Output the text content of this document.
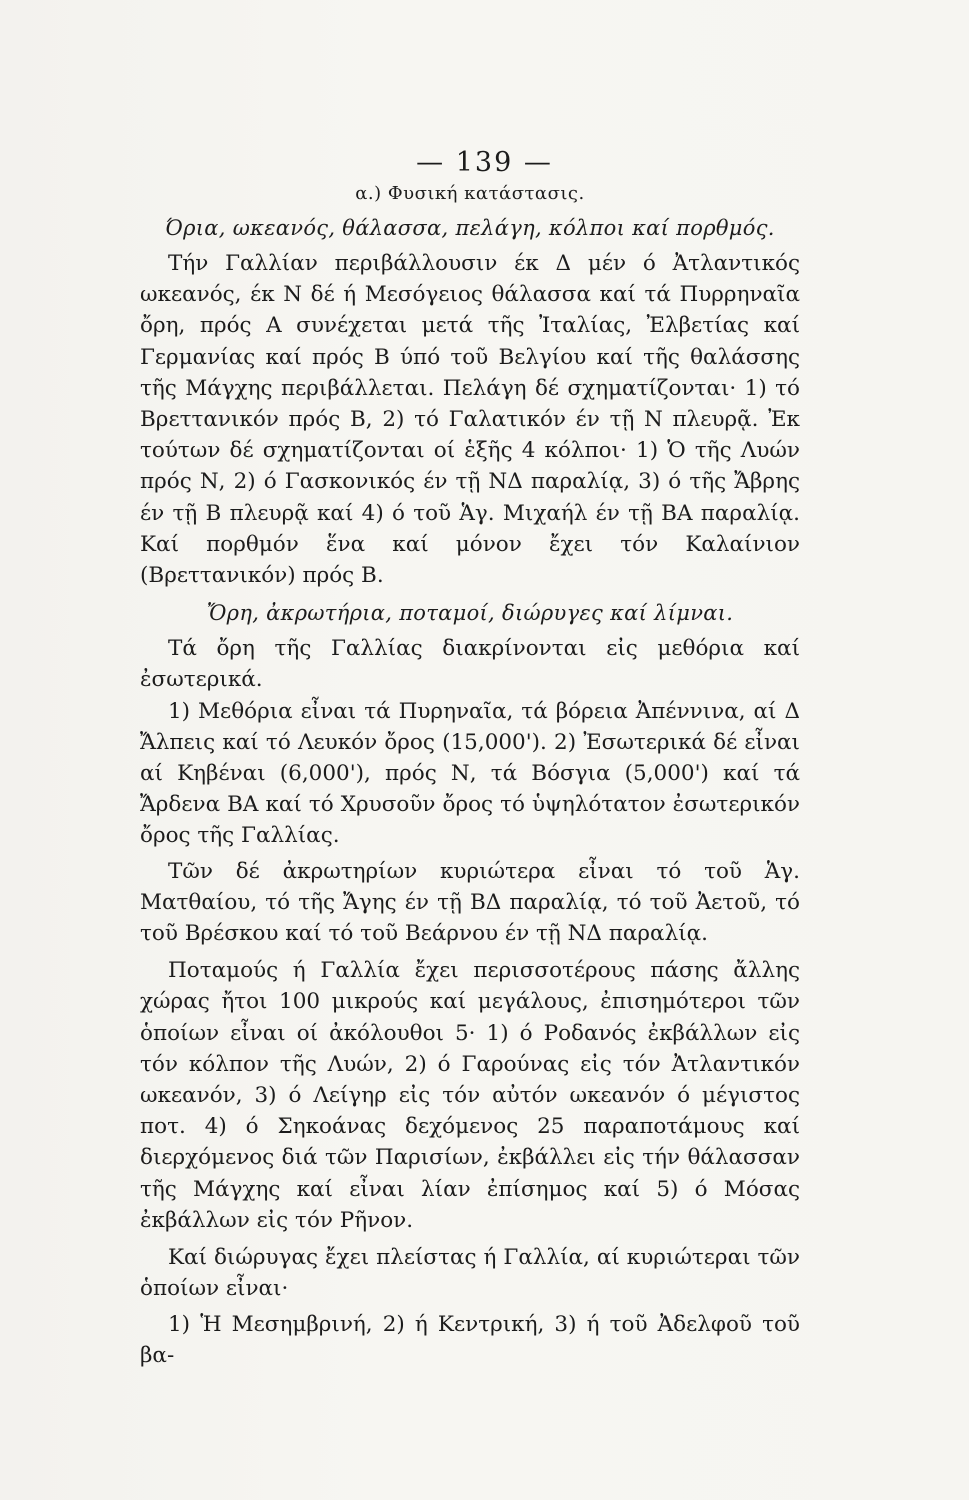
— 139 —
α.) Φυσική κατάστασις.
Όρια, ωκεανός, θάλασσα, πελάγη, κόλποι καί πορθμός.

Τήν Γαλλίαν περιβάλλουσιν έκ Δ μέν ό Ἀτλαντικός ωκεανός, έκ Ν δέ ή Μεσόγειος θάλασσα καί τά Πυρρηναῖα ὄρη, πρός Α συνέχεται μετά τῆς Ἰταλίας, Ἐλβετίας καί Γερμανίας καί πρός Β ύπό τοῦ Βελγίου καί τῆς θαλάσσης τῆς Μάγχης περιβάλλεται. Πελάγη δέ σχηματίζονται· 1) τό Βρεττανικόν πρός Β, 2) τό Γαλατικόν έν τῇ Ν πλευρᾷ. Ἐκ τούτων δέ σχηματίζονται οί ἑξῆς 4 κόλποι· 1) Ὁ τῆς Λυών πρός Ν, 2) ό Γασκονικός έν τῇ ΝΔ παραλίᾳ, 3) ό τῆς Ἄβρης έν τῇ Β πλευρᾷ καί 4) ό τοῦ Ἁγ. Μιχαήλ έν τῇ ΒΑ παραλίᾳ. Καί πορθμόν ἕνα καί μόνον ἔχει τόν Καλαίνιον (Βρεττανικόν) πρός Β.

Ὄρη, ἀκρωτήρια, ποταμοί, διώρυγες καί λίμναι.

Τά ὄρη τῆς Γαλλίας διακρίνονται εἰς μεθόρια καί ἐσωτερικά.

1) Μεθόρια εἶναι τά Πυρηναῖα, τά βόρεια Ἀπέννινα, αί Δ Ἄλπεις καί τό Λευκόν ὄρος (15,000'). 2) Ἐσωτερικά δέ εἶναι αί Κηβέναι (6,000'), πρός Ν, τά Βόσγια (5,000') καί τά Ἄρδενα ΒΑ καί τό Χρυσοῦν ὄρος τό ὑψηλότατον ἐσωτερικόν ὄρος τῆς Γαλλίας.

Τῶν δέ ἀκρωτηρίων κυριώτερα εἶναι τό τοῦ Ἁγ. Ματθαίου, τό τῆς Ἄγης έν τῇ ΒΔ παραλίᾳ, τό τοῦ Ἀετοῦ, τό τοῦ Βρέσκου καί τό τοῦ Βεάρνου έν τῇ ΝΔ παραλίᾳ.

Ποταμούς ή Γαλλία ἔχει περισσοτέρους πάσης ἄλλης χώρας ἤτοι 100 μικρούς καί μεγάλους, ἐπισημότεροι τῶν ὁποίων εἶναι οί ἀκόλουθοι 5· 1) ό Ροδανός ἐκβάλλων εἰς τόν κόλπον τῆς Λυών, 2) ό Γαρούνας εἰς τόν Ἀτλαντικόν ωκεανόν, 3) ό Λείγηρ εἰς τόν αὐτόν ωκεανόν ό μέγιστος ποτ. 4) ό Σηκοάνας δεχόμενος 25 παραποτάμους καί διερχόμενος διά τῶν Παρισίων, ἐκβάλλει εἰς τήν θάλασσαν τῆς Μάγχης καί εἶναι λίαν ἐπίσημος καί 5) ό Μόσας ἐκβάλλων εἰς τόν Ρῆνον.

Καί διώρυγας ἔχει πλείστας ή Γαλλία, αί κυριώτεραι τῶν ὁποίων εἶναι·

1) Ἡ Μεσημβρινή, 2) ή Κεντρική, 3) ή τοῦ Ἀδελφοῦ τοῦ βα-
